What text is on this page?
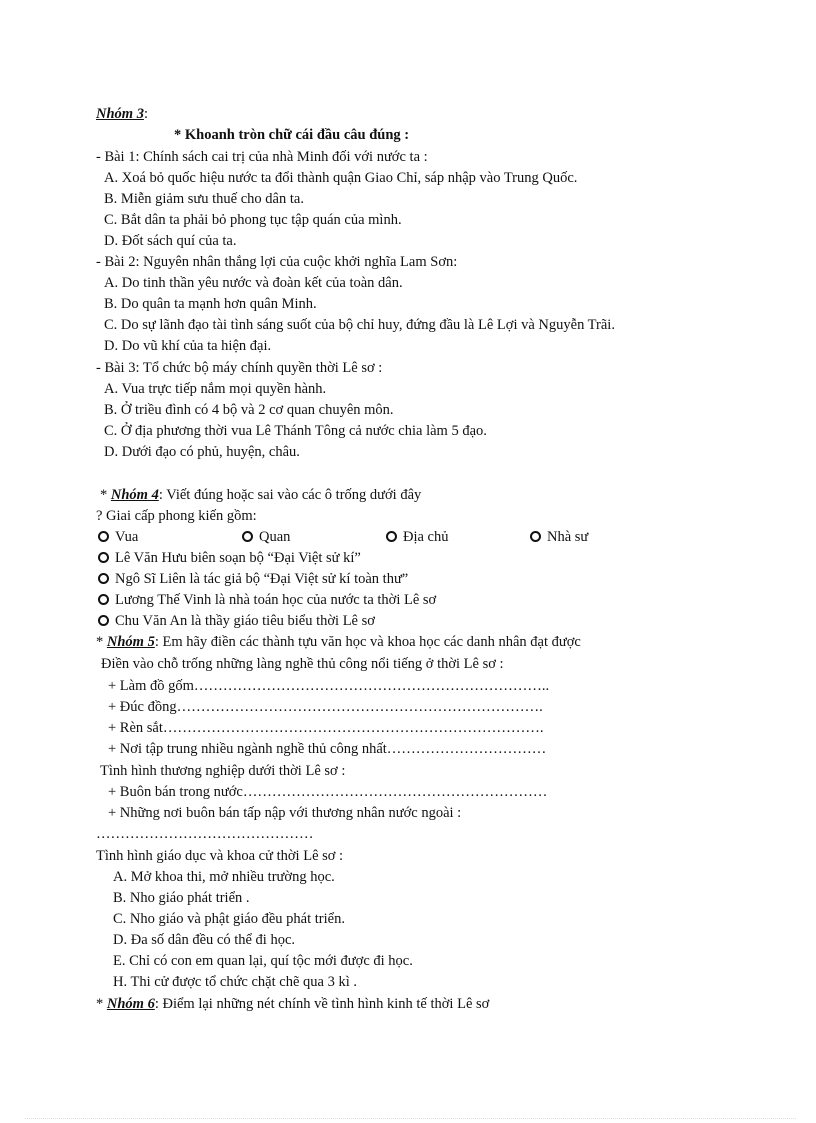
Nhóm 3:
* Khoanh tròn chữ cái đầu câu đúng :
- Bài 1: Chính sách cai trị của nhà Minh đối với nước ta :
A. Xoá bỏ quốc hiệu nước ta đổi thành quận Giao Chỉ, sáp nhập vào Trung Quốc.
B. Miễn giảm sưu thuế cho dân ta.
C. Bắt dân ta phải bỏ phong tục tập quán của mình.
D. Đốt sách quí của ta.
- Bài 2: Nguyên nhân thắng lợi của cuộc khởi nghĩa Lam Sơn:
A. Do tinh thần yêu nước và đoàn kết của toàn dân.
B. Do quân ta mạnh hơn quân Minh.
C. Do sự lãnh đạo tài tình sáng suốt của bộ chỉ huy, đứng đầu là Lê Lợi và Nguyễn Trãi.
D. Do vũ khí của ta hiện đại.
- Bài 3: Tổ chức bộ máy chính quyền thời Lê sơ :
A. Vua trực tiếp nắm mọi quyền hành.
B. Ở triều đình có 4 bộ và 2 cơ quan chuyên môn.
C. Ở địa phương thời vua Lê Thánh Tông cả nước chia làm 5 đạo.
D. Dưới đạo có phủ, huyện, châu.
* Nhóm 4: Viết đúng hoặc sai vào các ô trống dưới đây
? Giai cấp phong kiến gồm:
Vua	Quan	Địa chủ	Nhà sư
Lê Văn Hưu biên soạn bộ “Đại Việt sử kí”
Ngô Sĩ Liên là tác giả bộ “Đại Việt sử kí toàn thư”
Lương Thế Vinh là nhà toán học của nước ta thời Lê sơ
Chu Văn An là thầy giáo tiêu biểu thời Lê sơ
* Nhóm 5: Em hãy điền các thành tựu văn học và khoa học các danh nhân đạt được
Điền vào chỗ trống những làng nghề thủ công nổi tiếng ở thời Lê sơ :
+ Làm đồ gốm………………………………………………………………..
+ Đúc đồng………………………………………………………………….
+ Rèn sắt…………………………………………………………………….
+ Nơi tập trung nhiều ngành nghề thủ công nhất……………………………
Tình hình thương nghiệp dưới thời Lê sơ :
+ Buôn bán trong nước………………………………………………………
+ Những nơi buôn bán tấp nập với thương nhân nước ngoài :
………………………………………
Tình hình giáo dục và khoa cử thời Lê sơ :
A. Mở khoa thi, mở nhiều trường học.
B. Nho giáo phát triển .
C. Nho giáo và phật giáo đều phát triển.
D. Đa số dân đều có thể đi học.
E. Chỉ có con em quan lại, quí tộc mới được đi học.
H. Thi cử được tổ chức chặt chẽ qua 3 kì .
* Nhóm 6: Điểm lại những nét chính về tình hình kinh tế thời Lê sơ
